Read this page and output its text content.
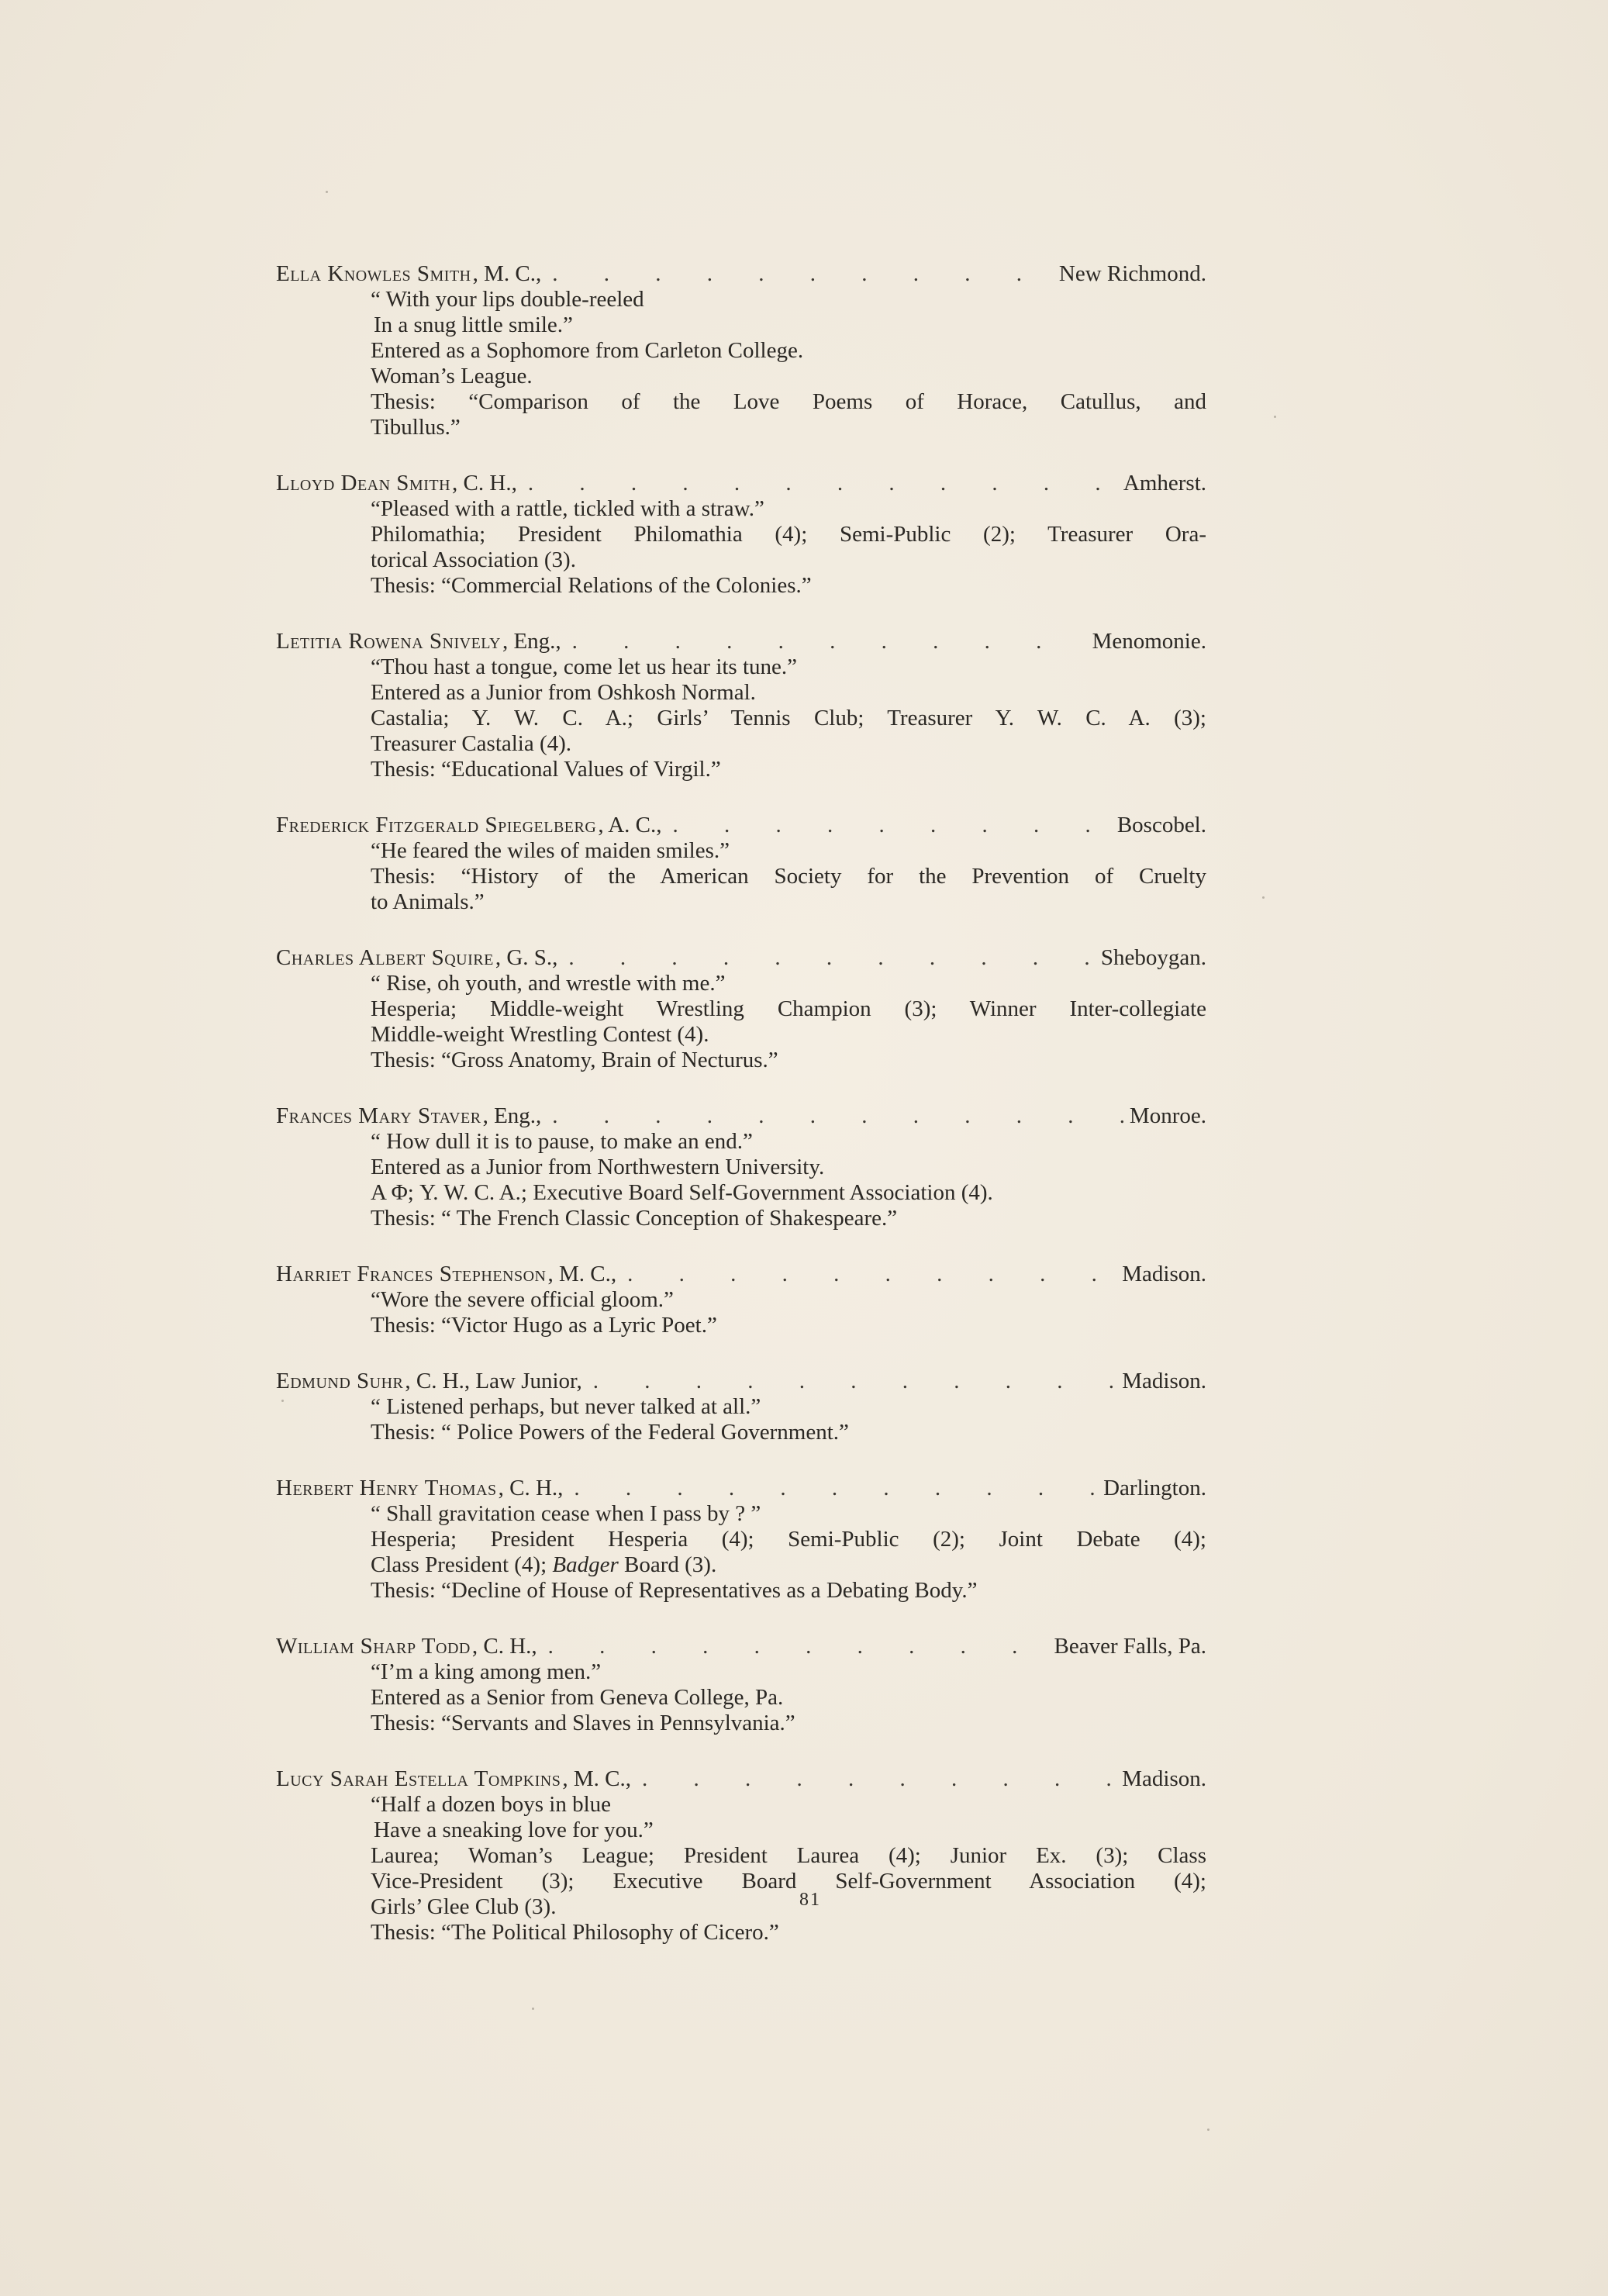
Ella Knowles Smith , M. C., . . .	New Richmond.
“ With your lips double-reeled
In a snug little smile.”
Entered as a Sophomore from Carleton College.
Woman’s League.
Thesis: “Comparison of the Love Poems of Horace, Catullus, and
Tibullus.”
Lloyd Dean Smith , C. H., . . .	Amherst.
“Pleased with a rattle, tickled with a straw.”
Philomathia; President Philomathia (4); Semi-Public (2); Treasurer Ora-
torical Association (3).
Thesis: “Commercial Relations of the Colonies.”
Letitia Rowena Snively , Eng., . . .	Menomonie.
“Thou hast a tongue, come let us hear its tune.”
Entered as a Junior from Oshkosh Normal.
Castalia; Y. W. C. A.; Girls’ Tennis Club; Treasurer Y. W. C. A. (3);
Treasurer Castalia (4).
Thesis: “Educational Values of Virgil.”
Frederick Fitzgerald Spiegelberg , A. C., . . .	Boscobel.
“He feared the wiles of maiden smiles.”
Thesis: “History of the American Society for the Prevention of Cruelty
to Animals.”
Charles Albert Squire , G. S., . . .	Sheboygan.
“ Rise, oh youth, and wrestle with me.”
Hesperia; Middle-weight Wrestling Champion (3); Winner Inter-collegiate
Middle-weight Wrestling Contest (4).
Thesis: “Gross Anatomy, Brain of Necturus.”
Frances Mary Staver , Eng., . . .	Monroe.
“ How dull it is to pause, to make an end.”
Entered as a Junior from Northwestern University.
Α Φ; Y. W. C. A.; Executive Board Self-Government Association (4).
Thesis: “ The French Classic Conception of Shakespeare.”
Harriet Frances Stephenson , M. C., . . .	Madison.
“Wore the severe official gloom.”
Thesis: “Victor Hugo as a Lyric Poet.”
Edmund Suhr , C. H., Law Junior, . . .	Madison.
“ Listened perhaps, but never talked at all.”
Thesis: “ Police Powers of the Federal Government.”
Herbert Henry Thomas , C. H., . . .	Darlington.
“ Shall gravitation cease when I pass by ? ”
Hesperia; President Hesperia (4); Semi-Public (2); Joint Debate (4);
Class President (4); Badger Board (3).
Thesis: “Decline of House of Representatives as a Debating Body.”
William Sharp Todd , C. H., . . .	Beaver Falls, Pa.
“I’m a king among men.”
Entered as a Senior from Geneva College, Pa.
Thesis: “Servants and Slaves in Pennsylvania.”
Lucy Sarah Estella Tompkins , M. C., . . .	Madison.
“Half a dozen boys in blue
Have a sneaking love for you.”
Laurea; Woman’s League; President Laurea (4); Junior Ex. (3); Class
Vice-President (3); Executive Board Self-Government Association (4);
Girls’ Glee Club (3).
Thesis: “The Political Philosophy of Cicero.”
81
